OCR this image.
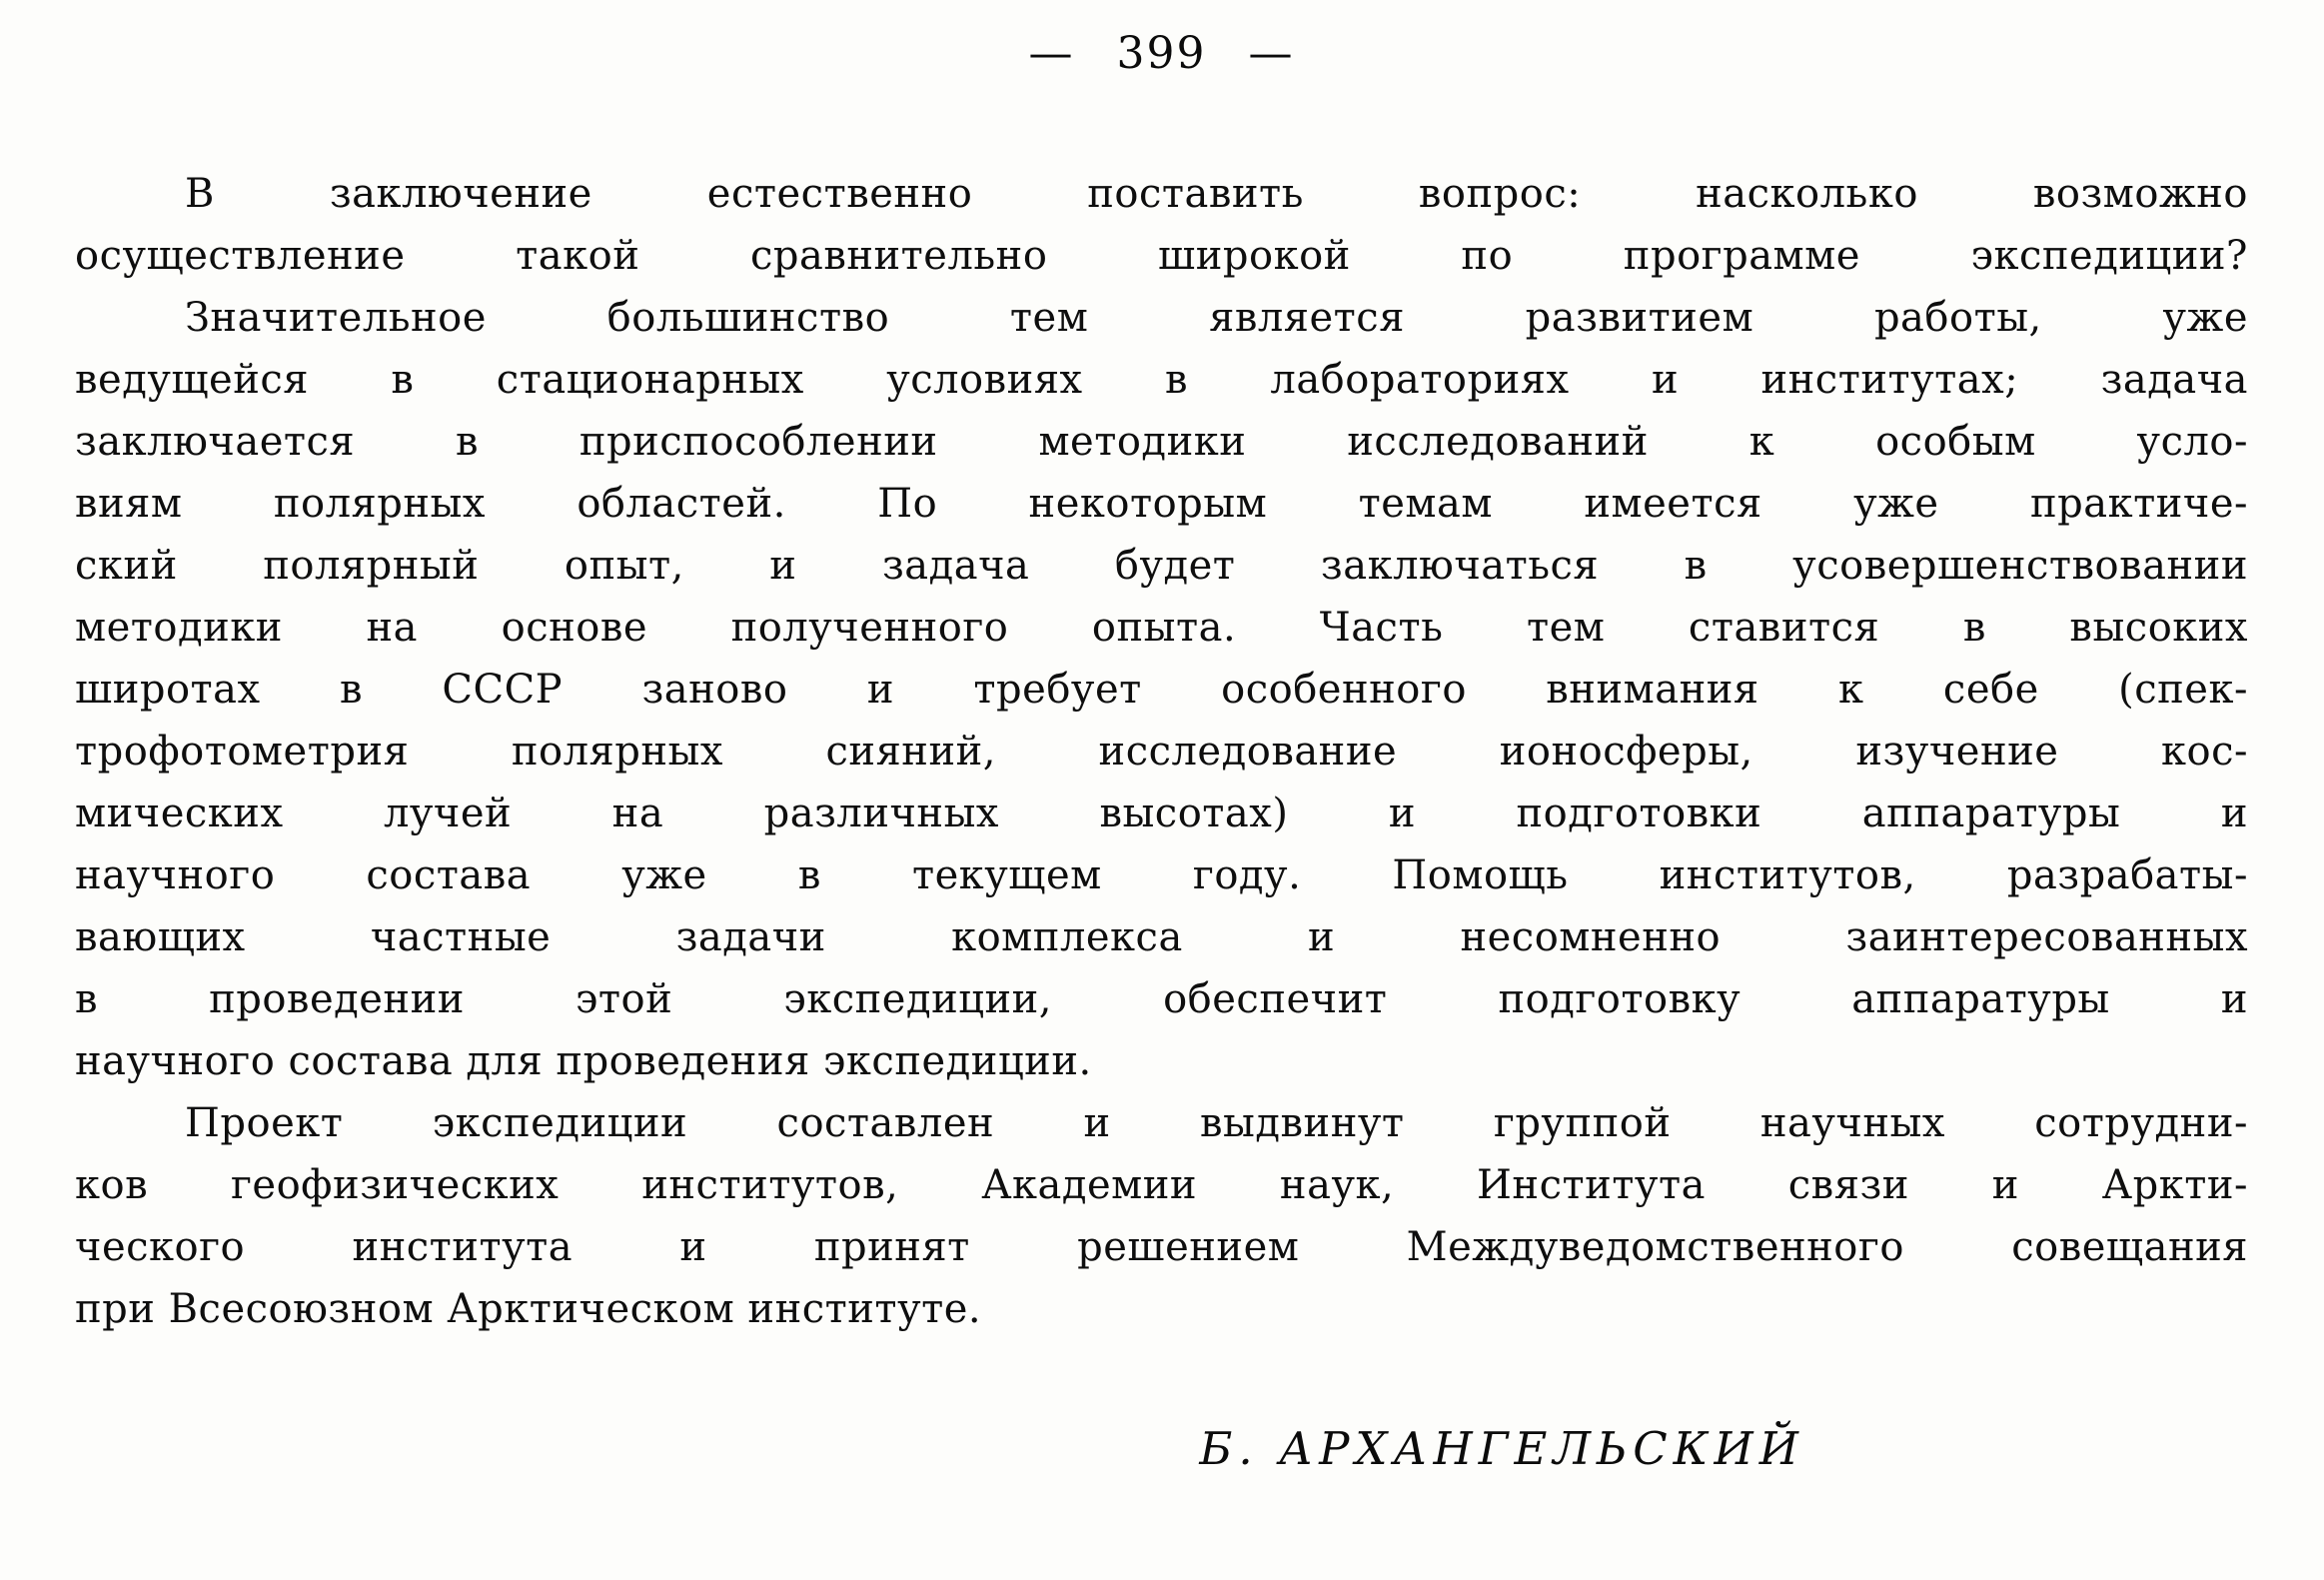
— 399 —
В заключение естественно поставить вопрос: насколько возможно
осуществление такой сравнительно широкой по программе экспедиции?
Значительное большинство тем является развитием работы, уже
ведущейся в стационарных условиях в лабораториях и институтах; задача
заключается в приспособлении методики исследований к особым усло-
виям полярных областей. По некоторым темам имеется уже практиче-
ский полярный опыт, и задача будет заключаться в усовершенствовании
методики на основе полученного опыта. Часть тем ставится в высоких
широтах в СССР заново и требует особенного внимания к себе (спек-
трофотометрия полярных сияний, исследование ионосферы, изучение кос-
мических лучей на различных высотах) и подготовки аппаратуры и
научного состава уже в текущем году. Помощь институтов, разрабаты-
вающих частные задачи комплекса и несомненно заинтересованных
в проведении этой экспедиции, обеспечит подготовку аппаратуры и
научного состава для проведения экспедиции.
Проект экспедиции составлен и выдвинут группой научных сотрудни-
ков геофизических институтов, Академии наук, Института связи и Аркти-
ческого института и принят решением Междуведомственного совещания
при Всесоюзном Арктическом институте.
Б. АРХАНГЕЛЬСКИЙ
